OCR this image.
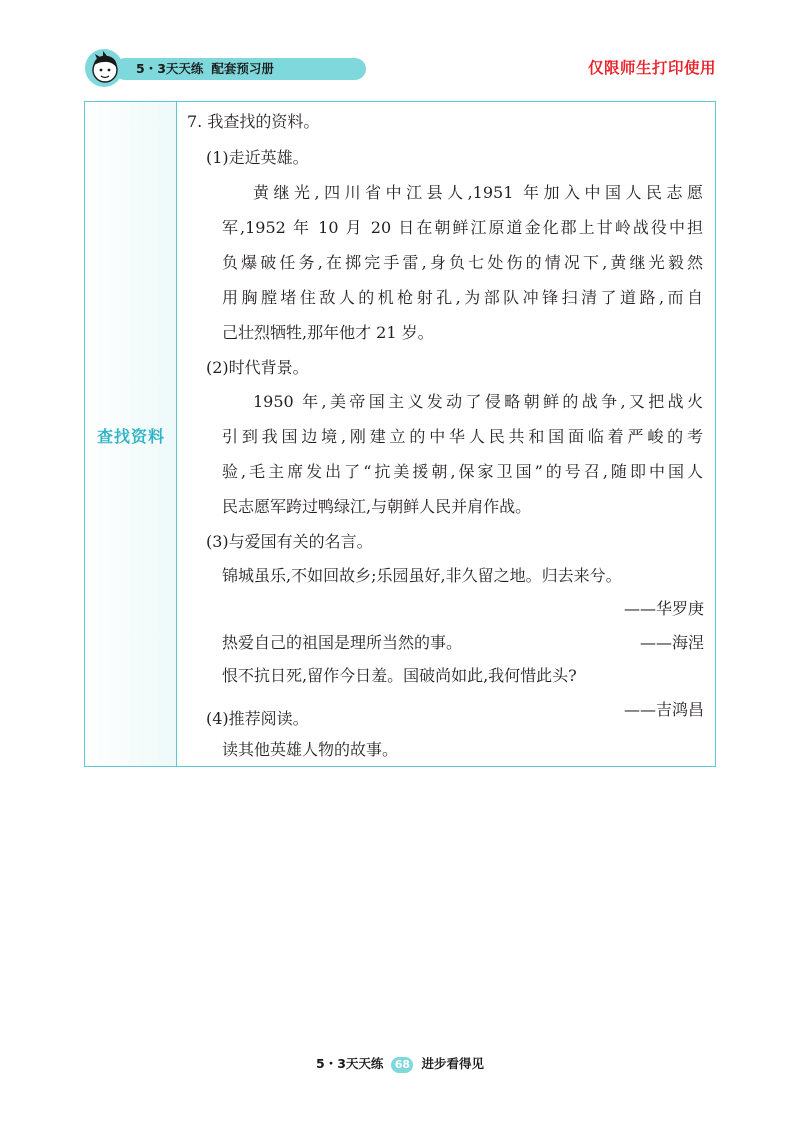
5・3天天练 配套预习册	仅限师生打印使用
查找资料
7. 我查找的资料。
(1)走近英雄。
黄继光,四川省中江县人,1951 年加入中国人民志愿
军,1952 年 10 月 20 日在朝鲜江原道金化郡上甘岭战役中担
负爆破任务,在掷完手雷,身负七处伤的情况下,黄继光毅然
用胸膛堵住敌人的机枪射孔,为部队冲锋扫清了道路,而自
己壮烈牺牲,那年他才 21 岁。
(2)时代背景。
1950 年,美帝国主义发动了侵略朝鲜的战争,又把战火
引到我国边境,刚建立的中华人民共和国面临着严峻的考
验,毛主席发出了“抗美援朝,保家卫国”的号召,随即中国人
民志愿军跨过鸭绿江,与朝鲜人民并肩作战。
(3)与爱国有关的名言。
锦城虽乐,不如回故乡;乐园虽好,非久留之地。归去来兮。
——华罗庚
热爱自己的祖国是理所当然的事。	——海涅
恨不抗日死,留作今日羞。国破尚如此,我何惜此头?
——吉鸿昌
(4)推荐阅读。
读其他英雄人物的故事。
5・3天天练 68 进步看得见
